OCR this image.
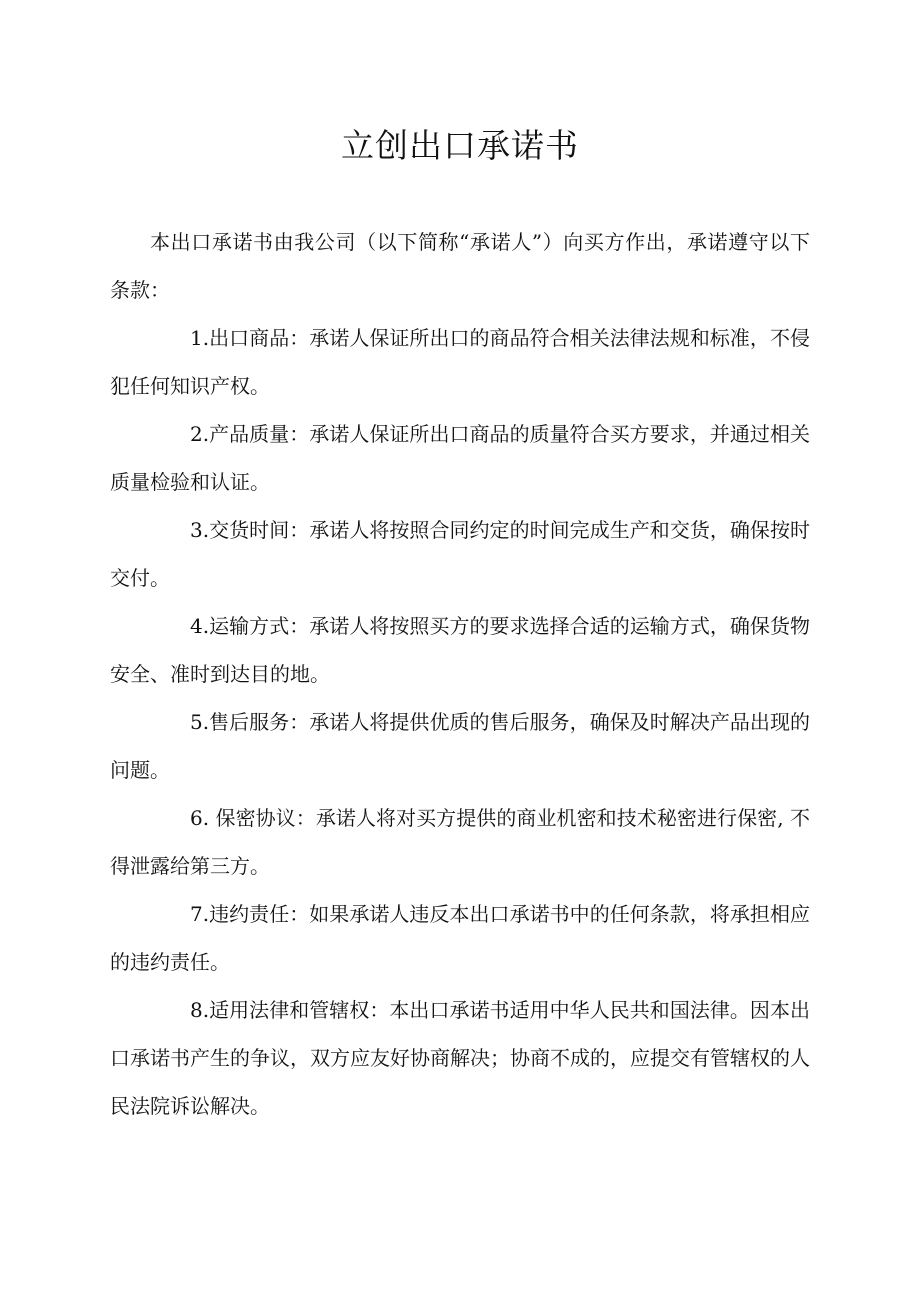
立创出口承诺书

本出口承诺书由我公司（以下简称“承诺人”）向买方作出，承诺遵守以下条款：

1.出口商品：承诺人保证所出口的商品符合相关法律法规和标准，不侵犯任何知识产权。

2.产品质量：承诺人保证所出口商品的质量符合买方要求，并通过相关质量检验和认证。

3.交货时间：承诺人将按照合同约定的时间完成生产和交货，确保按时交付。

4.运输方式：承诺人将按照买方的要求选择合适的运输方式，确保货物安全、准时到达目的地。

5.售后服务：承诺人将提供优质的售后服务，确保及时解决产品出现的问题。

6. 保密协议：承诺人将对买方提供的商业机密和技术秘密进行保密, 不得泄露给第三方。

7.违约责任：如果承诺人违反本出口承诺书中的任何条款，将承担相应的违约责任。

8.适用法律和管辖权：本出口承诺书适用中华人民共和国法律。因本出口承诺书产生的争议，双方应友好协商解决；协商不成的，应提交有管辖权的人民法院诉讼解决。
